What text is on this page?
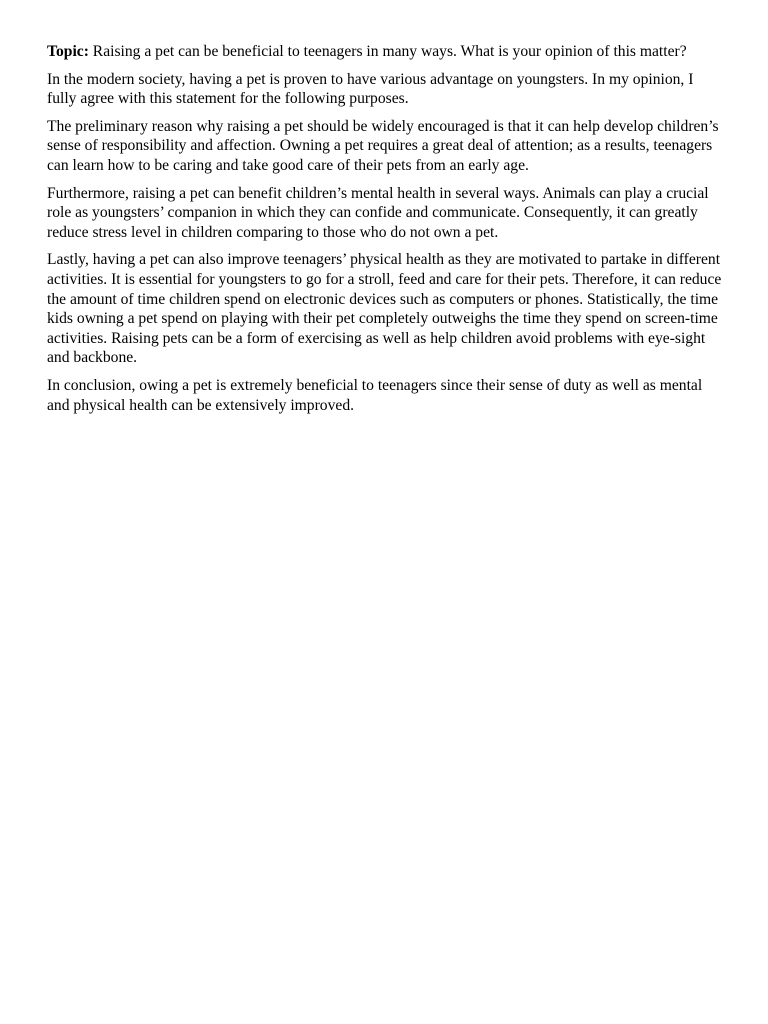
Topic: Raising a pet can be beneficial to teenagers in many ways. What is your opinion of this matter?

In the modern society, having a pet is proven to have various advantage on youngsters. In my opinion, I fully agree with this statement for the following purposes.

The preliminary reason why raising a pet should be widely encouraged is that it can help develop children’s sense of responsibility and affection. Owning a pet requires a great deal of attention; as a results, teenagers can learn how to be caring and take good care of their pets from an early age.

Furthermore, raising a pet can benefit children’s mental health in several ways. Animals can play a crucial role as youngsters’ companion in which they can confide and communicate. Consequently, it can greatly reduce stress level in children comparing to those who do not own a pet.

Lastly, having a pet can also improve teenagers’ physical health as they are motivated to partake in different activities. It is essential for youngsters to go for a stroll, feed and care for their pets. Therefore, it can reduce the amount of time children spend on electronic devices such as computers or phones. Statistically, the time kids owning a pet spend on playing with their pet completely outweighs the time they spend on screen-time activities. Raising pets can be a form of exercising as well as help children avoid problems with eye-sight and backbone.

In conclusion, owing a pet is extremely beneficial to teenagers since their sense of duty as well as mental and physical health can be extensively improved.
